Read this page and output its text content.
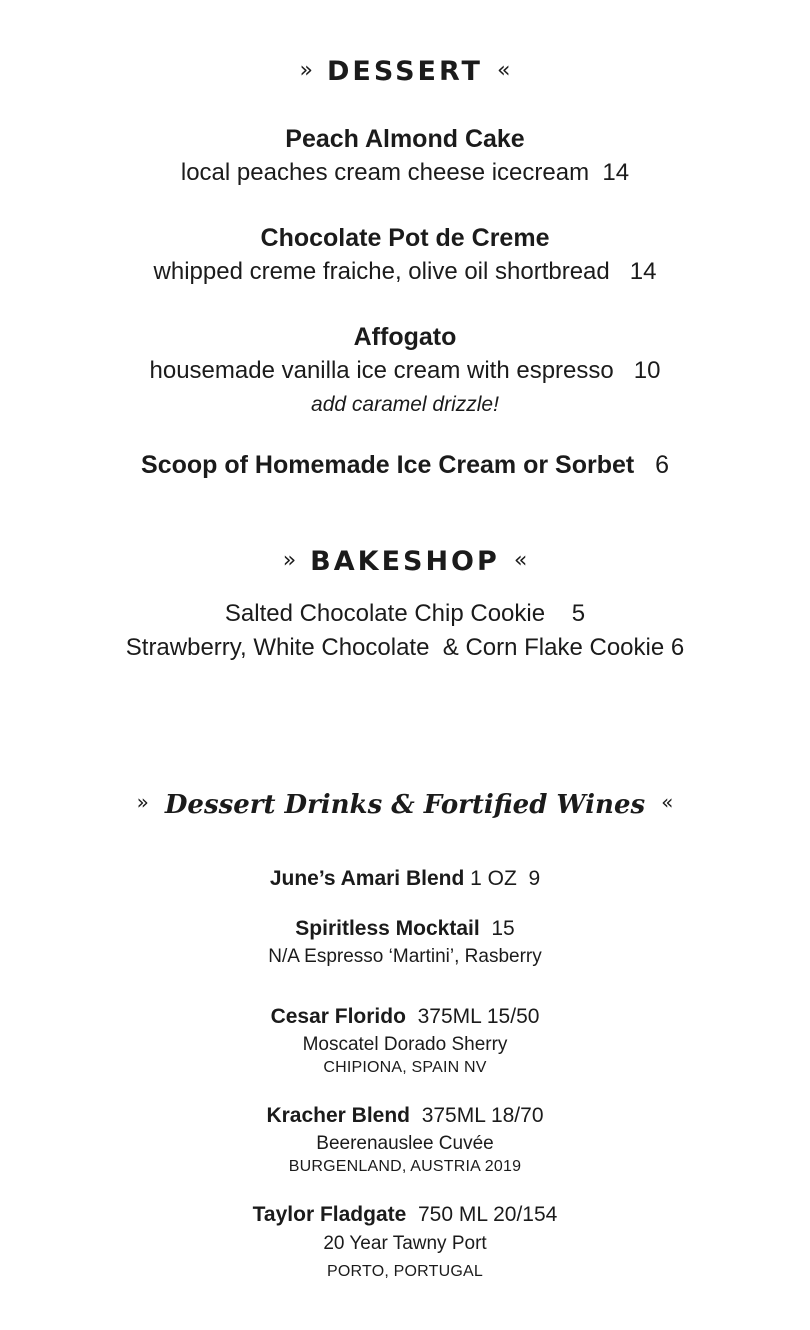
» DESSERT «
Peach Almond Cake
local peaches cream cheese icecream 14
Chocolate Pot de Creme
whipped creme fraiche, olive oil shortbread 14
Affogato
housemade vanilla ice cream with espresso 10
add caramel drizzle!
Scoop of Homemade Ice Cream or Sorbet 6
» BAKESHOP «
Salted Chocolate Chip Cookie 5
Strawberry, White Chocolate  & Corn Flake Cookie 6
» Dessert Drinks & Fortified Wines «
June’s Amari Blend 1 OZ  9
Spiritless Mocktail 15
N/A Espresso ‘Martini’, Rasberry
Cesar Florido 375ML 15/50
Moscatel Dorado Sherry
CHIPIONA, SPAIN NV
Kracher Blend 375ML 18/70
Beerenauslee Cuvée
BURGENLAND, AUSTRIA 2019
Taylor Fladgate 750 ML 20/154
20 Year Tawny Port
PORTO, PORTUGAL
